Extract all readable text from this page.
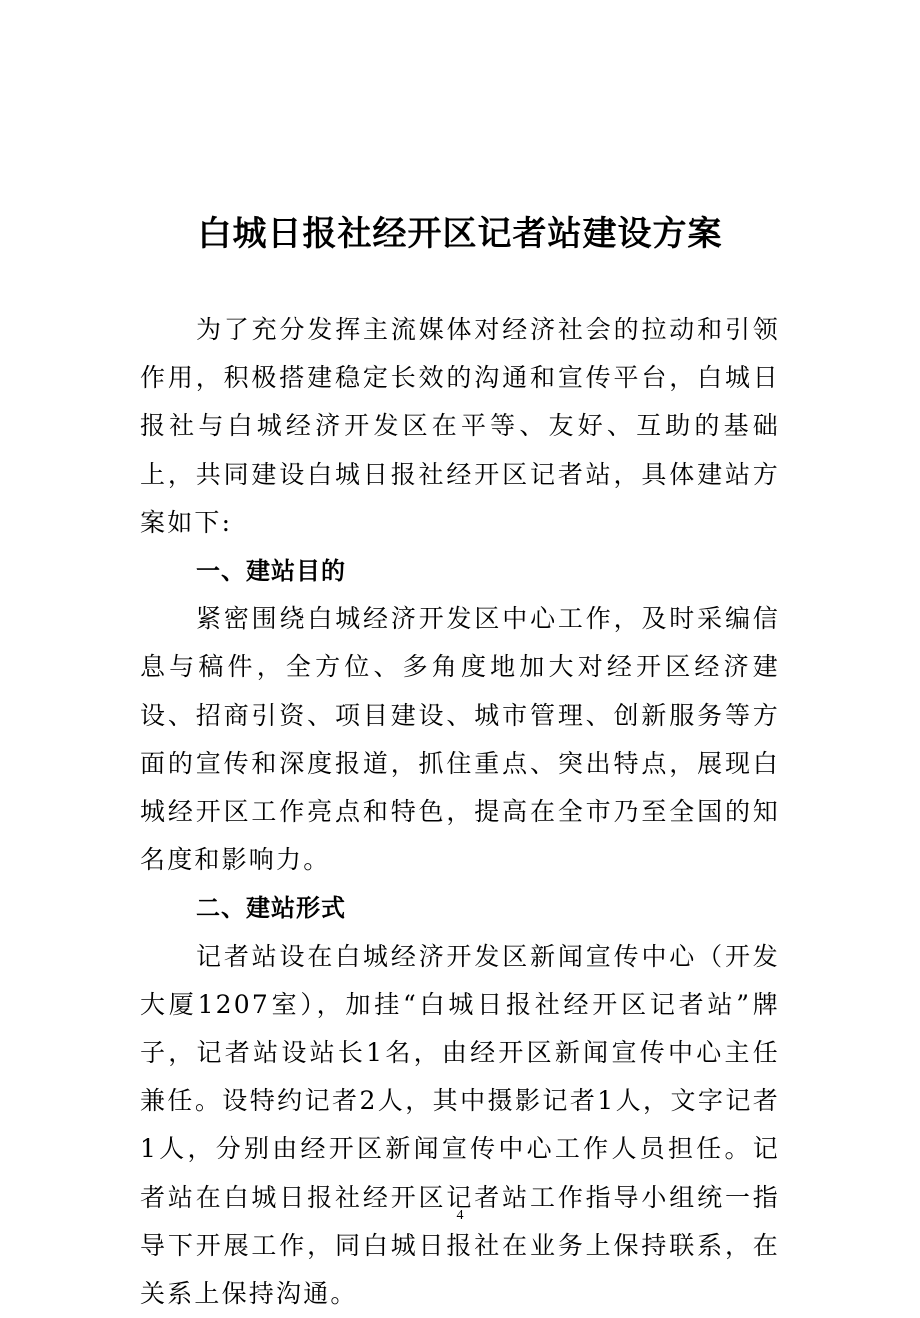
白城日报社经开区记者站建设方案

为了充分发挥主流媒体对经济社会的拉动和引领作用，积极搭建稳定长效的沟通和宣传平台，白城日报社与白城经济开发区在平等、友好、互助的基础上，共同建设白城日报社经开区记者站，具体建站方案如下:

一、建站目的

紧密围绕白城经济开发区中心工作，及时采编信息与稿件，全方位、多角度地加大对经开区经济建设、招商引资、项目建设、城市管理、创新服务等方面的宣传和深度报道，抓住重点、突出特点，展现白城经开区工作亮点和特色，提高在全市乃至全国的知名度和影响力。

二、建站形式

记者站设在白城经济开发区新闻宣传中心（开发大厦1207室），加挂“白城日报社经开区记者站”牌子，记者站设站长1名，由经开区新闻宣传中心主任兼任。设特约记者2人，其中摄影记者1人，文字记者1人，分别由经开区新闻宣传中心工作人员担任。记者站在白城日报社经开区记者站工作指导小组统一指导下开展工作，同白城日报社在业务上保持联系，在关系上保持沟通。

4
